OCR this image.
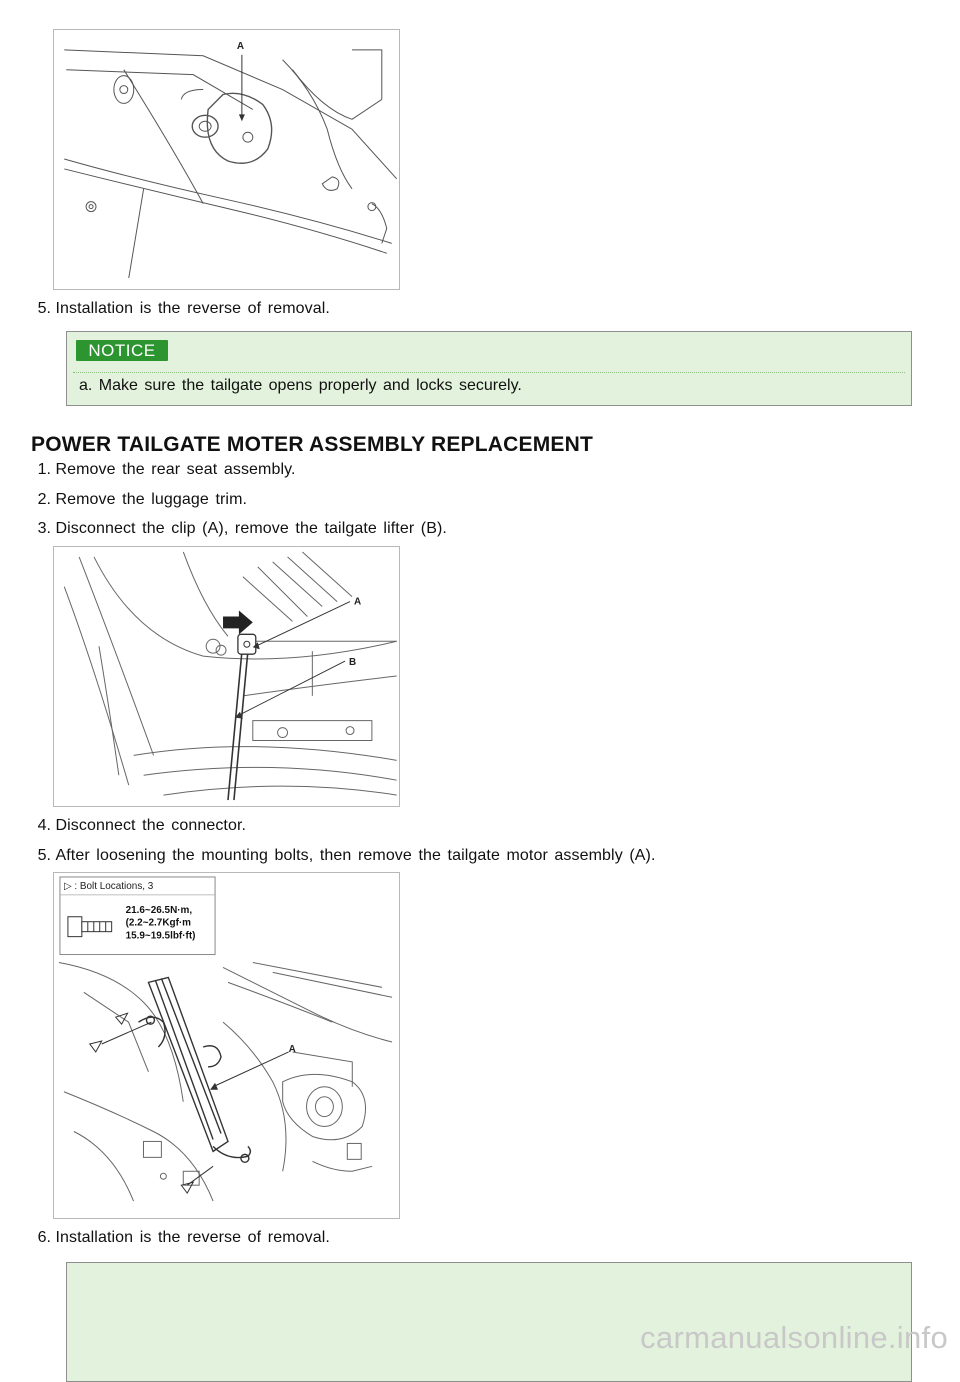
A
5. Installation is the reverse of removal.
NOTICE
a. Make sure the tailgate opens properly and locks securely.
POWER TAILGATE MOTER ASSEMBLY REPLACEMENT
1. Remove the rear seat assembly.
2. Remove the luggage trim.
3. Disconnect the clip (A), remove the tailgate lifter (B).
A
B
4. Disconnect the connector.
5. After loosening the mounting bolts, then remove the tailgate motor assembly (A).
▷ : Bolt Locations, 3
21.6~26.5N·m,
(2.2~2.7Kgf·m
15.9~19.5lbf·ft)
A
6. Installation is the reverse of removal.
carmanualsonline.info
